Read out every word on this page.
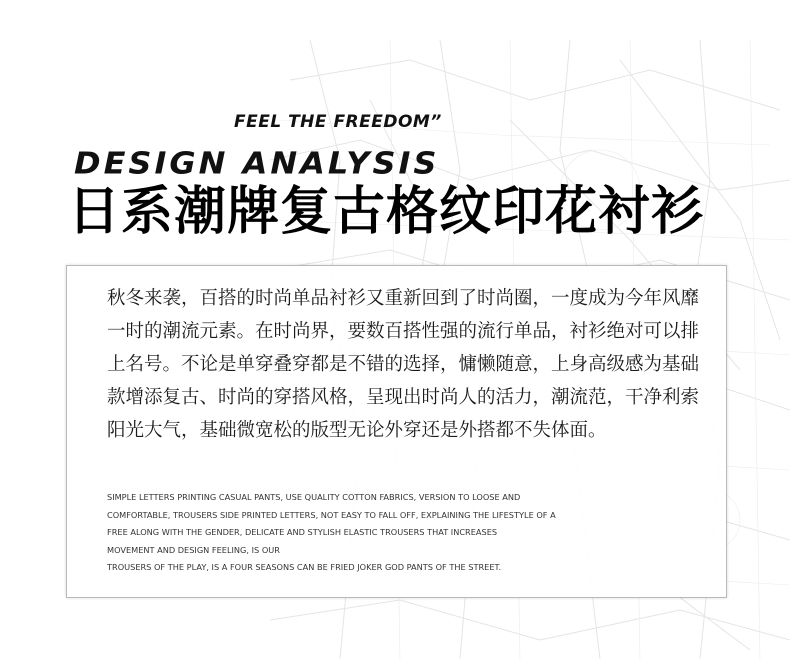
FEEL THE FREEDOM”
DESIGN ANALYSIS
日系潮牌复古格纹印花衬衫

秋冬来袭，百搭的时尚单品衬衫又重新回到了时尚圈，一度成为今年风靡一时的潮流元素。在时尚界，要数百搭性强的流行单品，衬衫绝对可以排上名号。不论是单穿叠穿都是不错的选择，慵懒随意，上身高级感为基础款增添复古、时尚的穿搭风格，呈现出时尚人的活力，潮流范，干净利索阳光大气，基础微宽松的版型无论外穿还是外搭都不失体面。

SIMPLE LETTERS PRINTING CASUAL PANTS, USE QUALITY COTTON FABRICS, VERSION TO LOOSE AND
COMFORTABLE, TROUSERS SIDE PRINTED LETTERS, NOT EASY TO FALL OFF, EXPLAINING THE LIFESTYLE OF A
FREE ALONG WITH THE GENDER, DELICATE AND STYLISH ELASTIC TROUSERS THAT INCREASES
MOVEMENT AND DESIGN FEELING, IS OUR
TROUSERS OF THE PLAY, IS A FOUR SEASONS CAN BE FRIED JOKER GOD PANTS OF THE STREET.
